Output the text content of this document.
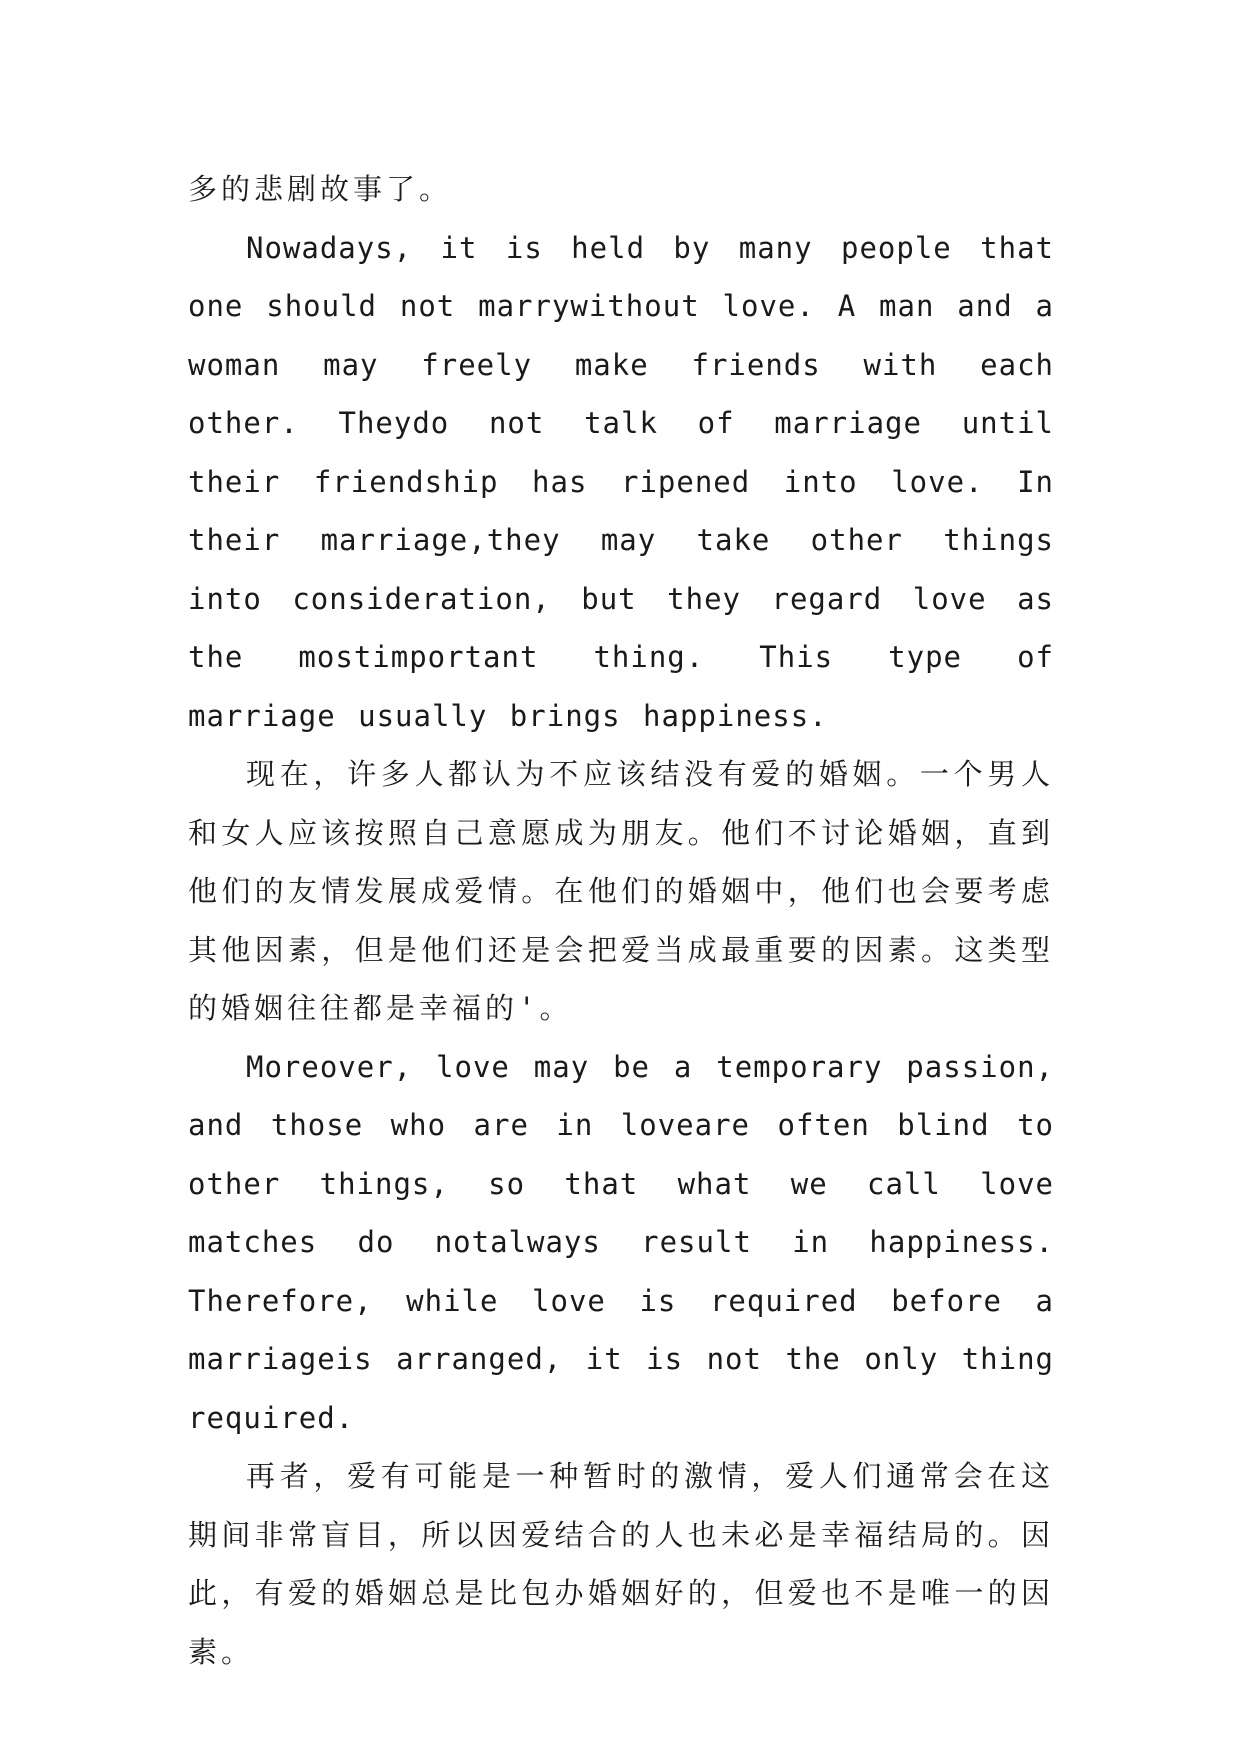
多的悲剧故事了。

Nowadays, it is held by many people that one should not marrywithout love. A man and a woman may freely make friends with each other. Theydo not talk of marriage until their friendship has ripened into love. In their marriage,they may take other things into consideration, but they regard love as the mostimportant thing. This type of marriage usually brings happiness.

现在，许多人都认为不应该结没有爱的婚姻。一个男人和女人应该按照自己意愿成为朋友。他们不讨论婚姻，直到他们的友情发展成爱情。在他们的婚姻中，他们也会要考虑其他因素，但是他们还是会把爱当成最重要的因素。这类型的婚姻往往都是幸福的'。

Moreover, love may be a temporary passion, and those who are in loveare often blind to other things, so that what we call love matches do notalways result in happiness. Therefore, while love is required before a marriageis arranged, it is not the only thing required.

再者，爱有可能是一种暂时的激情，爱人们通常会在这期间非常盲目，所以因爱结合的人也未必是幸福结局的。因此，有爱的婚姻总是比包办婚姻好的，但爱也不是唯一的因素。
